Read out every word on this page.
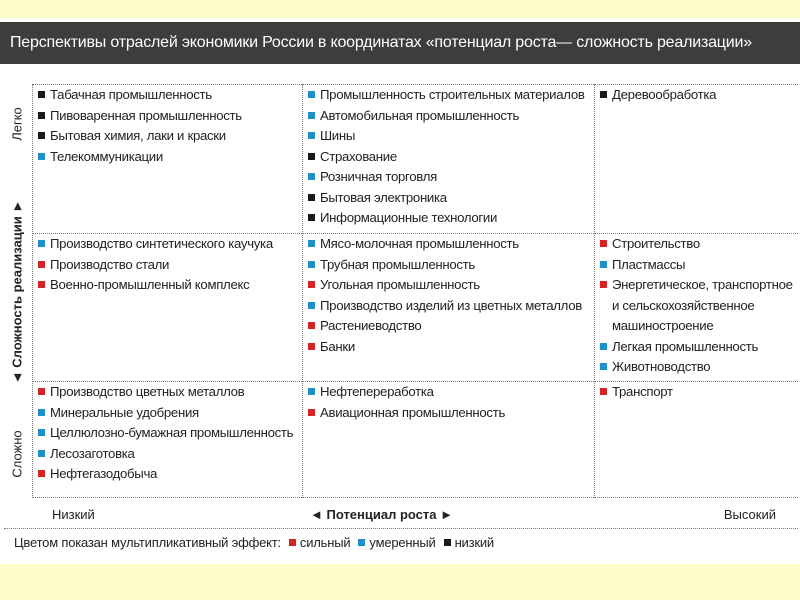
Перспективы отраслей экономики России в координатах «потенциал роста— сложность реализации»
Легко
◄ Сложность реализации ►
Сложно
Табачная промышленность
Пивоваренная промышленность
Бытовая химия, лаки и краски
Телекоммуникации
Промышленность строительных материалов
Автомобильная промышленность
Шины
Страхование
Розничная торговля
Бытовая электроника
Информационные технологии
Деревообработка
Производство синтетического каучука
Производство стали
Военно-промышленный комплекс
Мясо-молочная промышленность
Трубная промышленность
Угольная промышленность
Производство изделий из цветных металлов
Растениеводство
Банки
Строительство
Пластмассы
Энергетическое, транспортное и сельскохозяйственное машиностроение
Легкая промышленность
Животноводство
Производство цветных металлов
Минеральные удобрения
Целлюлозно-бумажная промышленность
Лесозаготовка
Нефтегазодобыча
Нефтепереработка
Авиационная промышленность
Транспорт
Низкий	◄ Потенциал роста ►	Высокий
Цветом показан мультипликативный эффект: сильный умеренный низкий
